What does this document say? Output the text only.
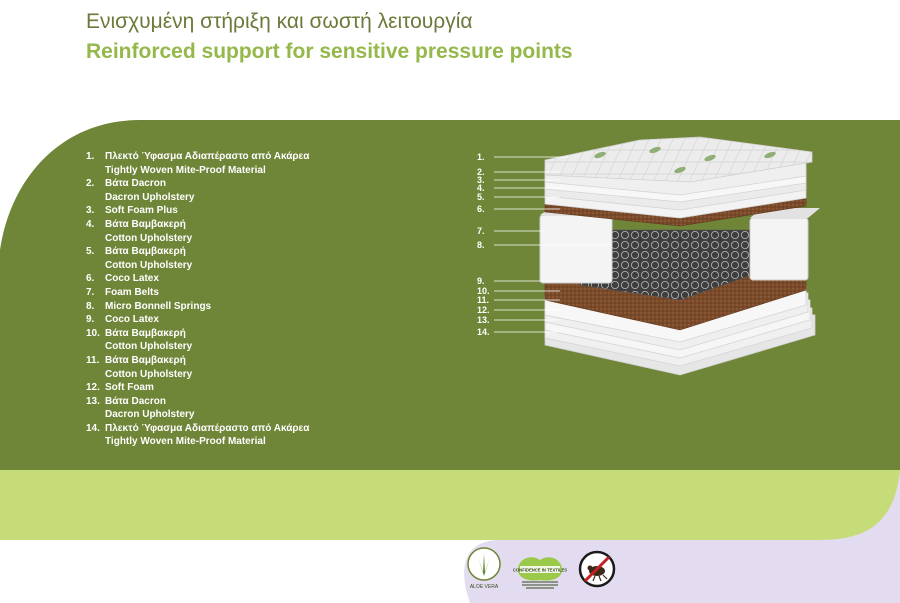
Ενισχυμένη στήριξη και σωστή λειτουργία
Reinforced support for sensitive pressure points
1. Πλεκτό Ύφασμα Αδιαπέραστο από Ακάρεα
Tightly Woven Mite-Proof Material
2. Βάτα Dacron
Dacron Upholstery
3. Soft Foam Plus
4. Βάτα Βαμβακερή
Cotton Upholstery
5. Βάτα Βαμβακερή
Cotton Upholstery
6. Coco Latex
7. Foam Belts
8. Micro Bonnell Springs
9. Coco Latex
10. Βάτα Βαμβακερή
Cotton Upholstery
11. Βάτα Βαμβακερή
Cotton Upholstery
12. Soft Foam
13. Βάτα Dacron
Dacron Upholstery
14. Πλεκτό Ύφασμα Αδιαπέραστο από Ακάρεα
Tightly Woven Mite-Proof Material
1.
2.
3.
4.
5.
6.
7.
8.
9.
10.
11.
12.
13.
14.
ALOE VERA
CONFIDENCE IN TEXTILES
